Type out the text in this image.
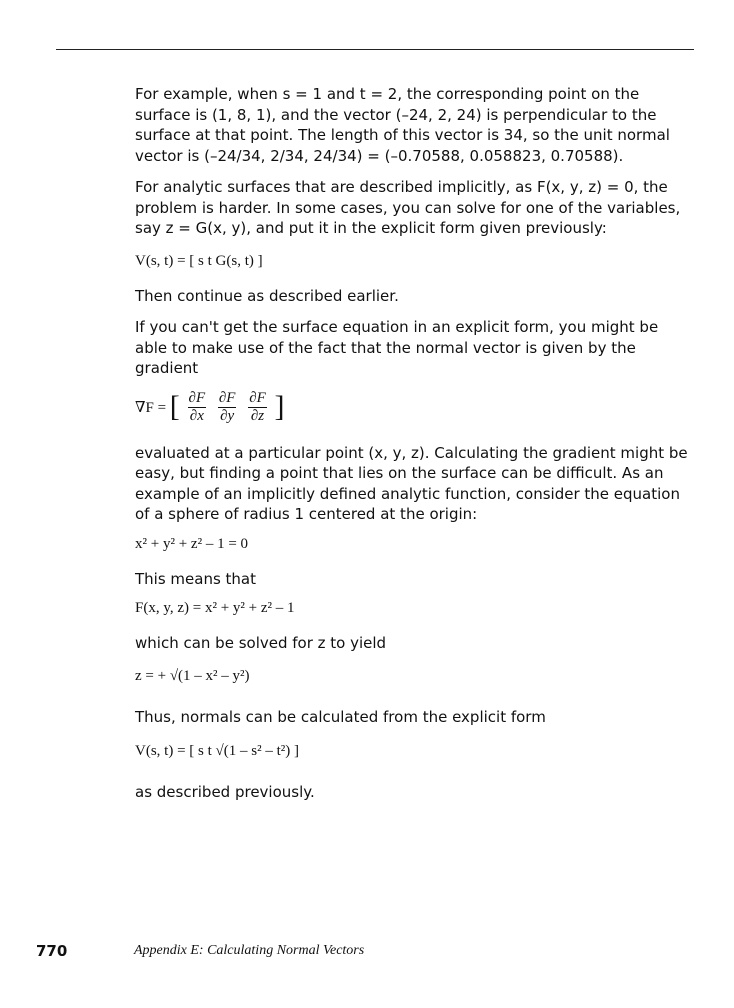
For example, when s = 1 and t = 2, the corresponding point on the surface is (1, 8, 1), and the vector (–24, 2, 24) is perpendicular to the surface at that point. The length of this vector is 34, so the unit normal vector is (–24/34, 2/34, 24/34) = (–0.70588, 0.058823, 0.70588).

For analytic surfaces that are described implicitly, as F(x, y, z) = 0, the problem is harder. In some cases, you can solve for one of the variables, say z = G(x, y), and put it in the explicit form given previously:

V(s, t) = [ s t G(s, t) ]

Then continue as described earlier.

If you can't get the surface equation in an explicit form, you might be able to make use of the fact that the normal vector is given by the gradient

∇F = [ $\frac{\partial F}{\partial x}$
$\frac{\partial F}{\partial y}$
$\frac{\partial F}{\partial z}$ ]

evaluated at a particular point (x, y, z). Calculating the gradient might be easy, but finding a point that lies on the surface can be difficult. As an example of an implicitly defined analytic function, consider the equation of a sphere of radius 1 centered at the origin:

x² + y² + z² – 1 = 0

This means that

F(x, y, z) = x² + y² + z² – 1

which can be solved for z to yield

z = + √(1 – x² – y²)

Thus, normals can be calculated from the explicit form

V(s, t) = [ s t √(1 – s² – t²) ]

as described previously.

770	Appendix E: Calculating Normal Vectors
